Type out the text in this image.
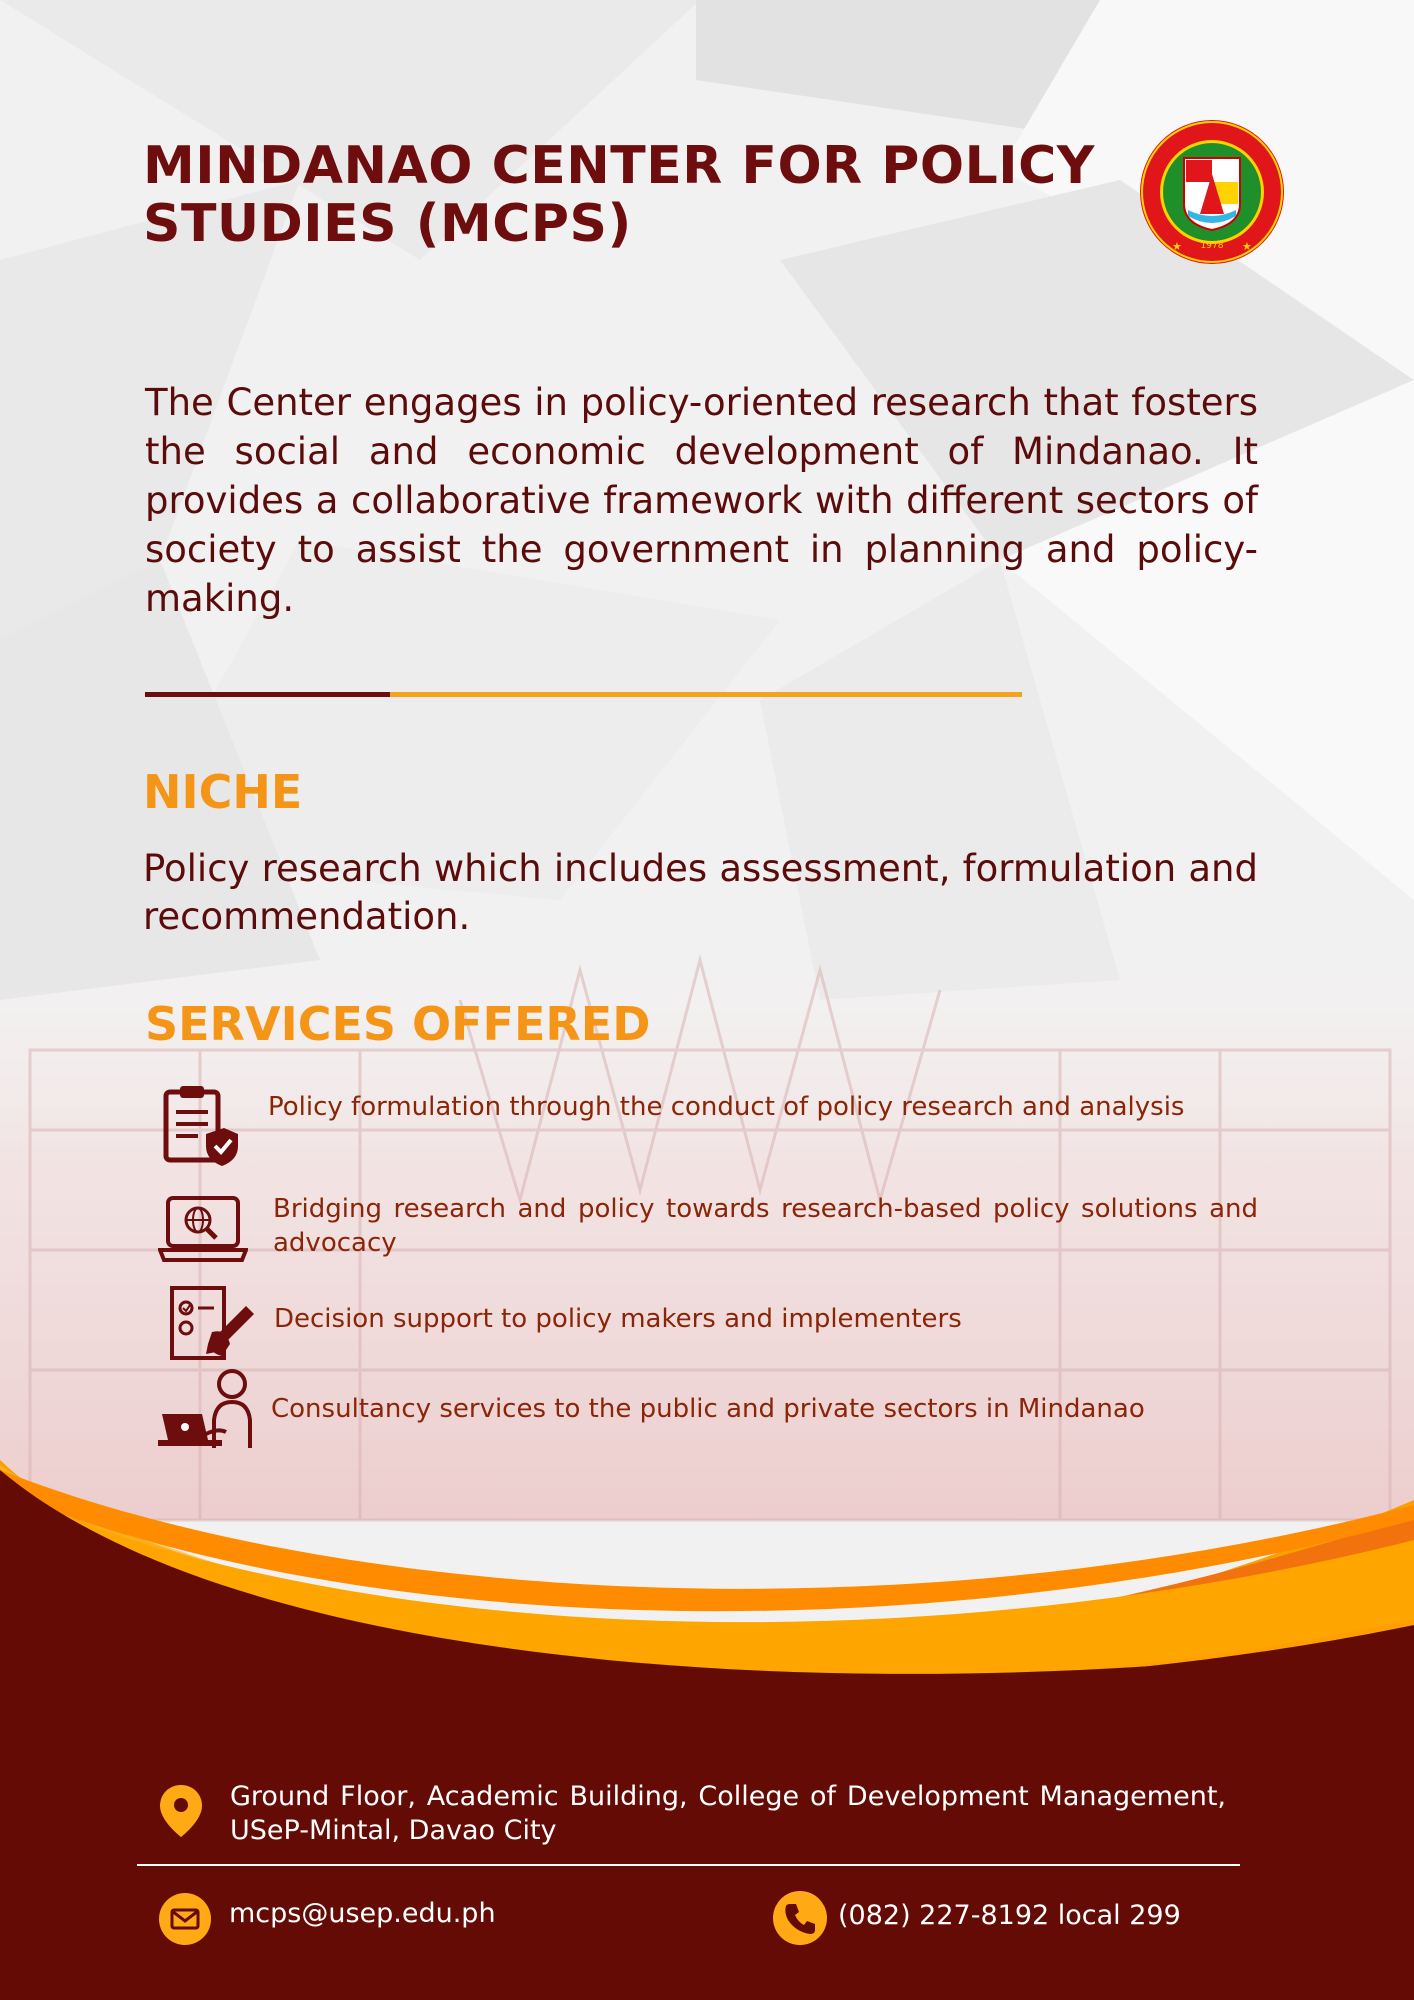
MINDANAO CENTER FOR POLICY STUDIES (MCPS)	1978
★	★
The Center engages in policy-oriented research that fosters the social and economic development of Mindanao. It provides a collaborative framework with different sectors of society to assist the government in planning and policy-making.
NICHE
Policy research which includes assessment, formulation and recommendation.
SERVICES OFFERED
Policy formulation through the conduct of policy research and analysis
Bridging research and policy towards research-based policy solutions and advocacy
Decision support to policy makers and implementers
Consultancy services to the public and private sectors in Mindanao
Ground Floor, Academic Building, College of Development Management, USeP-Mintal, Davao City
mcps@usep.edu.ph	(082) 227-8192 local 299
